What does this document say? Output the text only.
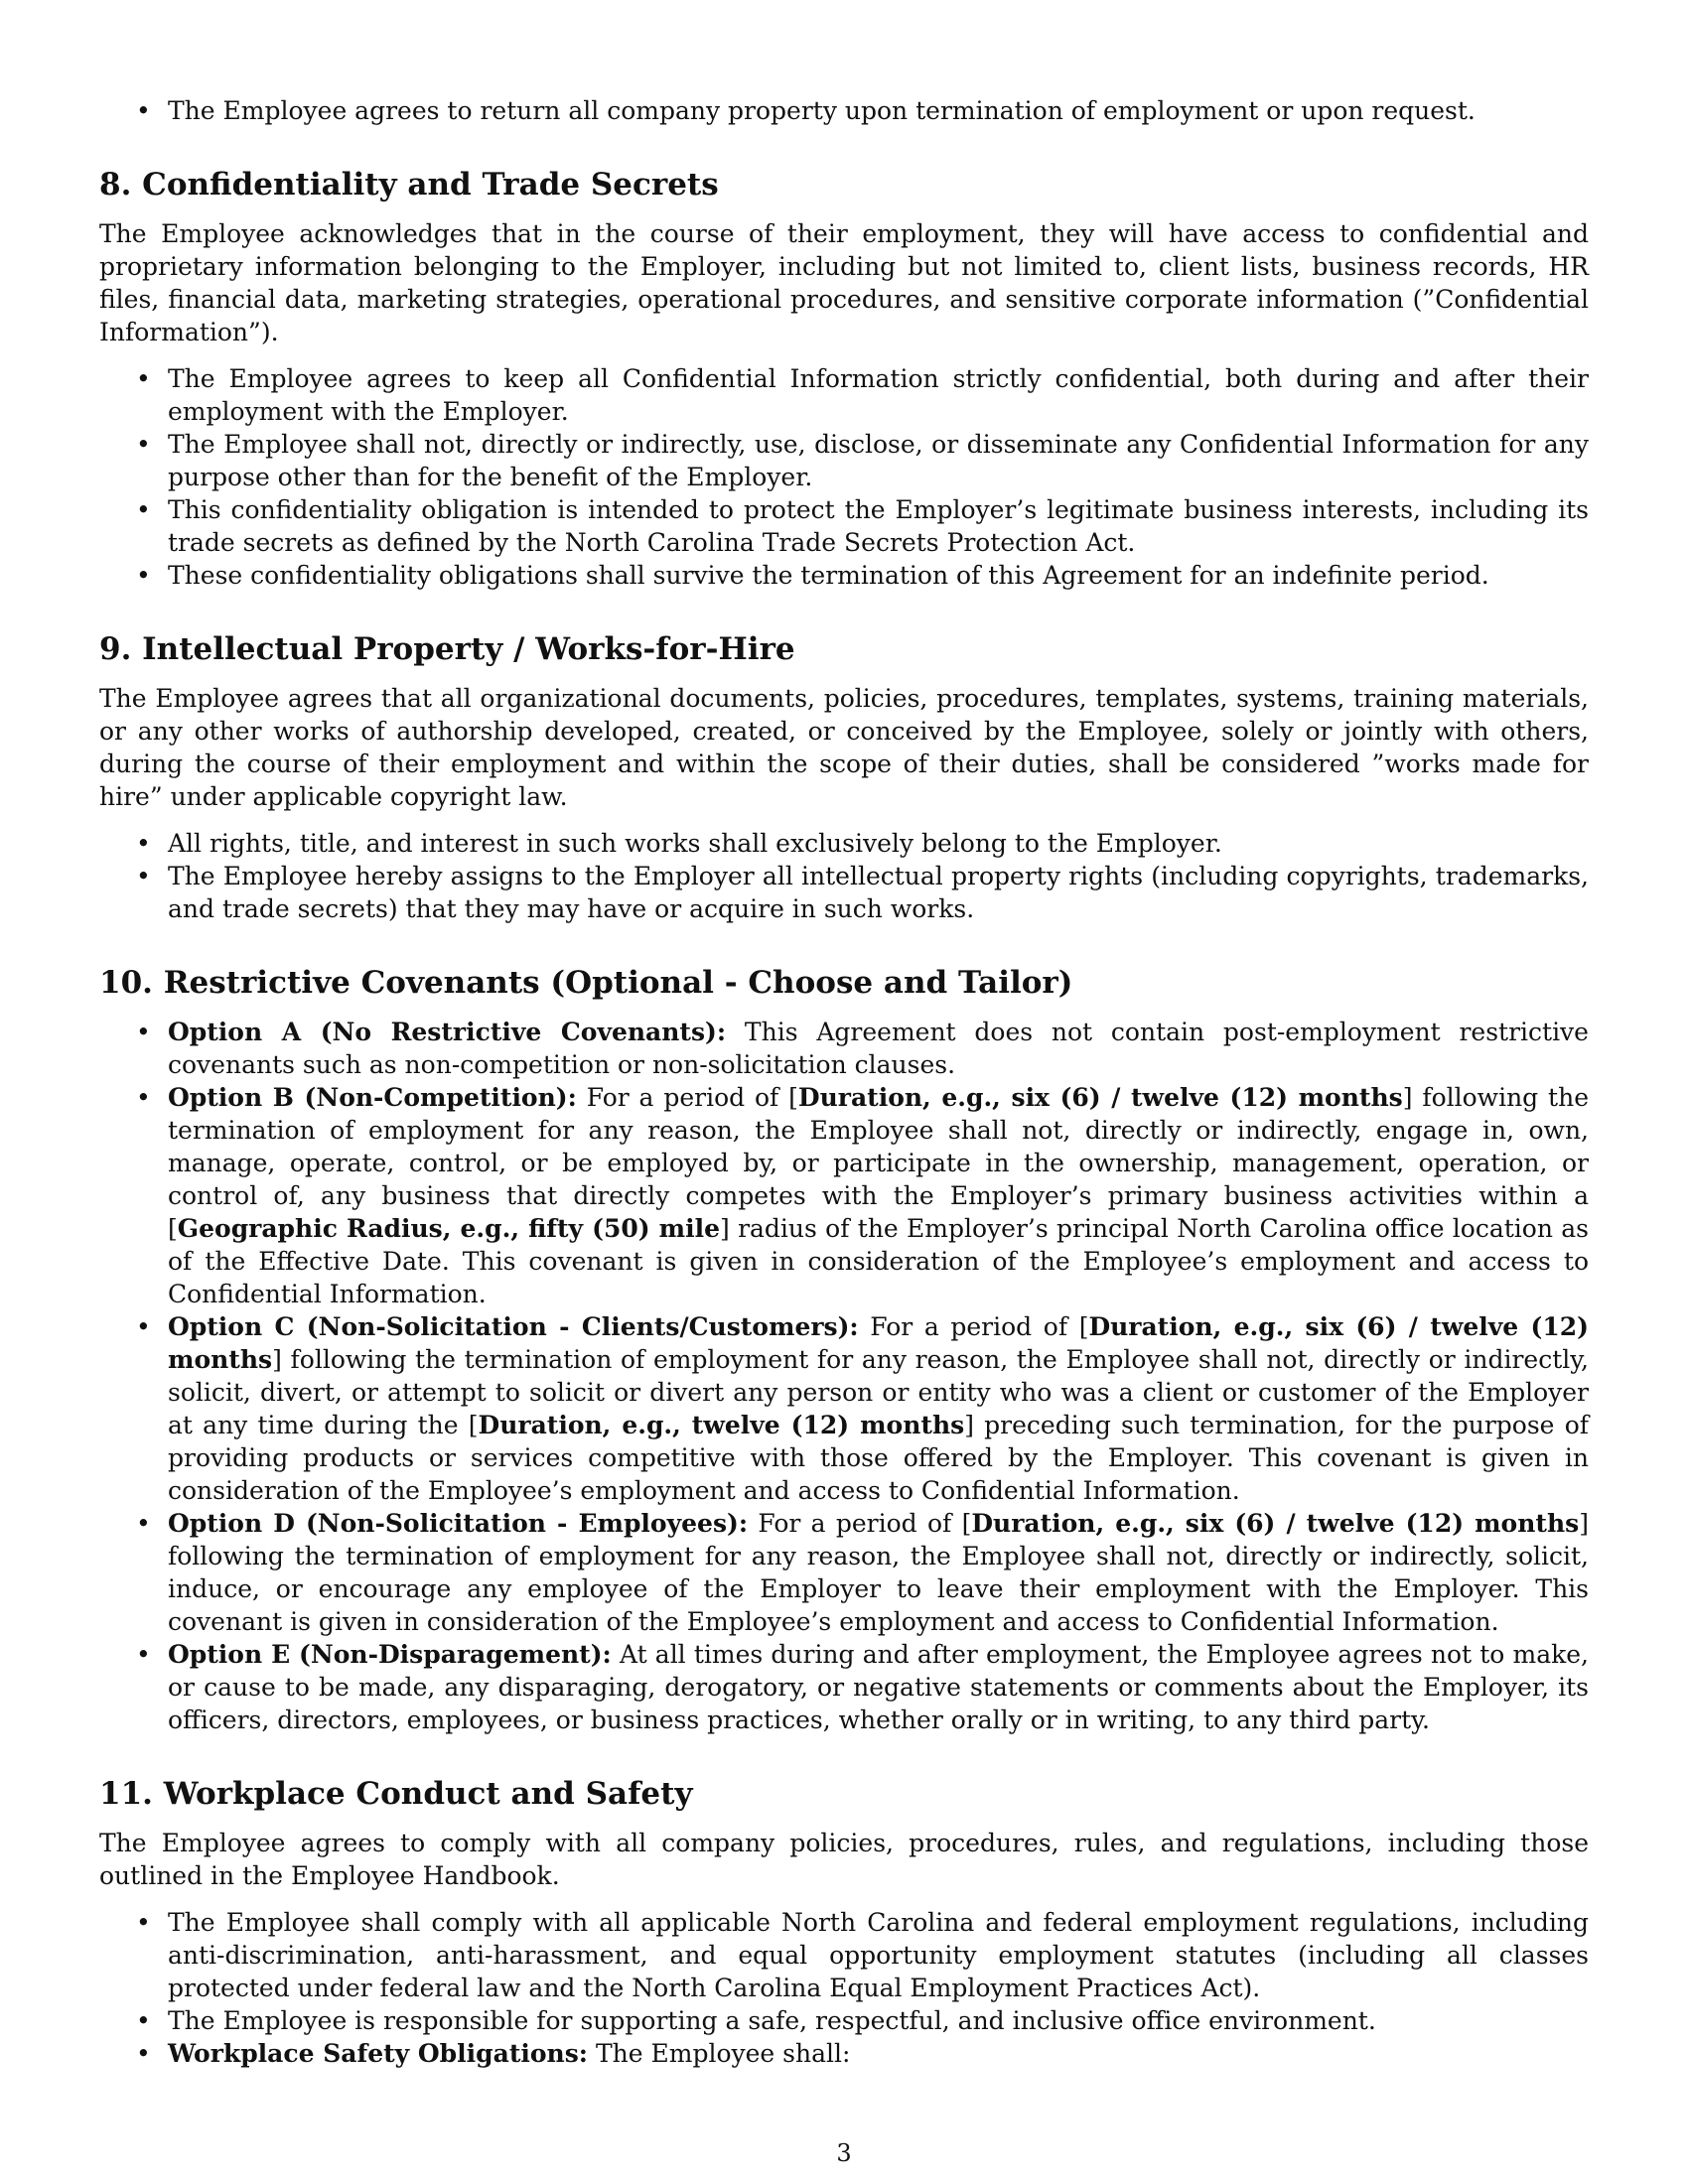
• The Employee agrees to return all company property upon termination of employment or upon request.
8. Confidentiality and Trade Secrets

The Employee acknowledges that in the course of their employment, they will have access to confidential and proprietary information belonging to the Employer, including but not limited to, client lists, business records, HR files, financial data, marketing strategies, operational procedures, and sensitive corporate information (”Confidential Information”).

• The Employee agrees to keep all Confidential Information strictly confidential, both during and after their employment with the Employer.
• The Employee shall not, directly or indirectly, use, disclose, or disseminate any Confidential Information for any purpose other than for the benefit of the Employer.
• This confidentiality obligation is intended to protect the Employer’s legitimate business interests, including its trade secrets as defined by the North Carolina Trade Secrets Protection Act.
• These confidentiality obligations shall survive the termination of this Agreement for an indefinite period.
9. Intellectual Property / Works-for-Hire

The Employee agrees that all organizational documents, policies, procedures, templates, systems, training materials, or any other works of authorship developed, created, or conceived by the Employee, solely or jointly with others, during the course of their employment and within the scope of their duties, shall be considered ”works made for hire” under applicable copyright law.

• All rights, title, and interest in such works shall exclusively belong to the Employer.
• The Employee hereby assigns to the Employer all intellectual property rights (including copyrights, trademarks, and trade secrets) that they may have or acquire in such works.
10. Restrictive Covenants (Optional - Choose and Tailor)
• Option A (No Restrictive Covenants): This Agreement does not contain post-employment restrictive covenants such as non-competition or non-solicitation clauses.
• Option B (Non-Competition): For a period of [Duration, e.g., six (6) / twelve (12) months] following the termination of employment for any reason, the Employee shall not, directly or indirectly, engage in, own, manage, operate, control, or be employed by, or participate in the ownership, management, operation, or control of, any business that directly competes with the Employer’s primary business activities within a [Geographic Radius, e.g., fifty (50) mile] radius of the Employer’s principal North Carolina office location as of the Effective Date. This covenant is given in consideration of the Employee’s employment and access to Confidential Information.
• Option C (Non-Solicitation - Clients/Customers): For a period of [Duration, e.g., six (6) / twelve (12) months] following the termination of employment for any reason, the Employee shall not, directly or indirectly, solicit, divert, or attempt to solicit or divert any person or entity who was a client or customer of the Employer at any time during the [Duration, e.g., twelve (12) months] preceding such termination, for the purpose of providing products or services competitive with those offered by the Employer. This covenant is given in consideration of the Employee’s employment and access to Confidential Information.
• Option D (Non-Solicitation - Employees): For a period of [Duration, e.g., six (6) / twelve (12) months] following the termination of employment for any reason, the Employee shall not, directly or indirectly, solicit, induce, or encourage any employee of the Employer to leave their employment with the Employer. This covenant is given in consideration of the Employee’s employment and access to Confidential Information.
• Option E (Non-Disparagement): At all times during and after employment, the Employee agrees not to make, or cause to be made, any disparaging, derogatory, or negative statements or comments about the Employer, its officers, directors, employees, or business practices, whether orally or in writing, to any third party.
11. Workplace Conduct and Safety

The Employee agrees to comply with all company policies, procedures, rules, and regulations, including those outlined in the Employee Handbook.

• The Employee shall comply with all applicable North Carolina and federal employment regulations, including anti-discrimination, anti-harassment, and equal opportunity employment statutes (including all classes protected under federal law and the North Carolina Equal Employment Practices Act).
• The Employee is responsible for supporting a safe, respectful, and inclusive office environment.
• Workplace Safety Obligations: The Employee shall:
3
